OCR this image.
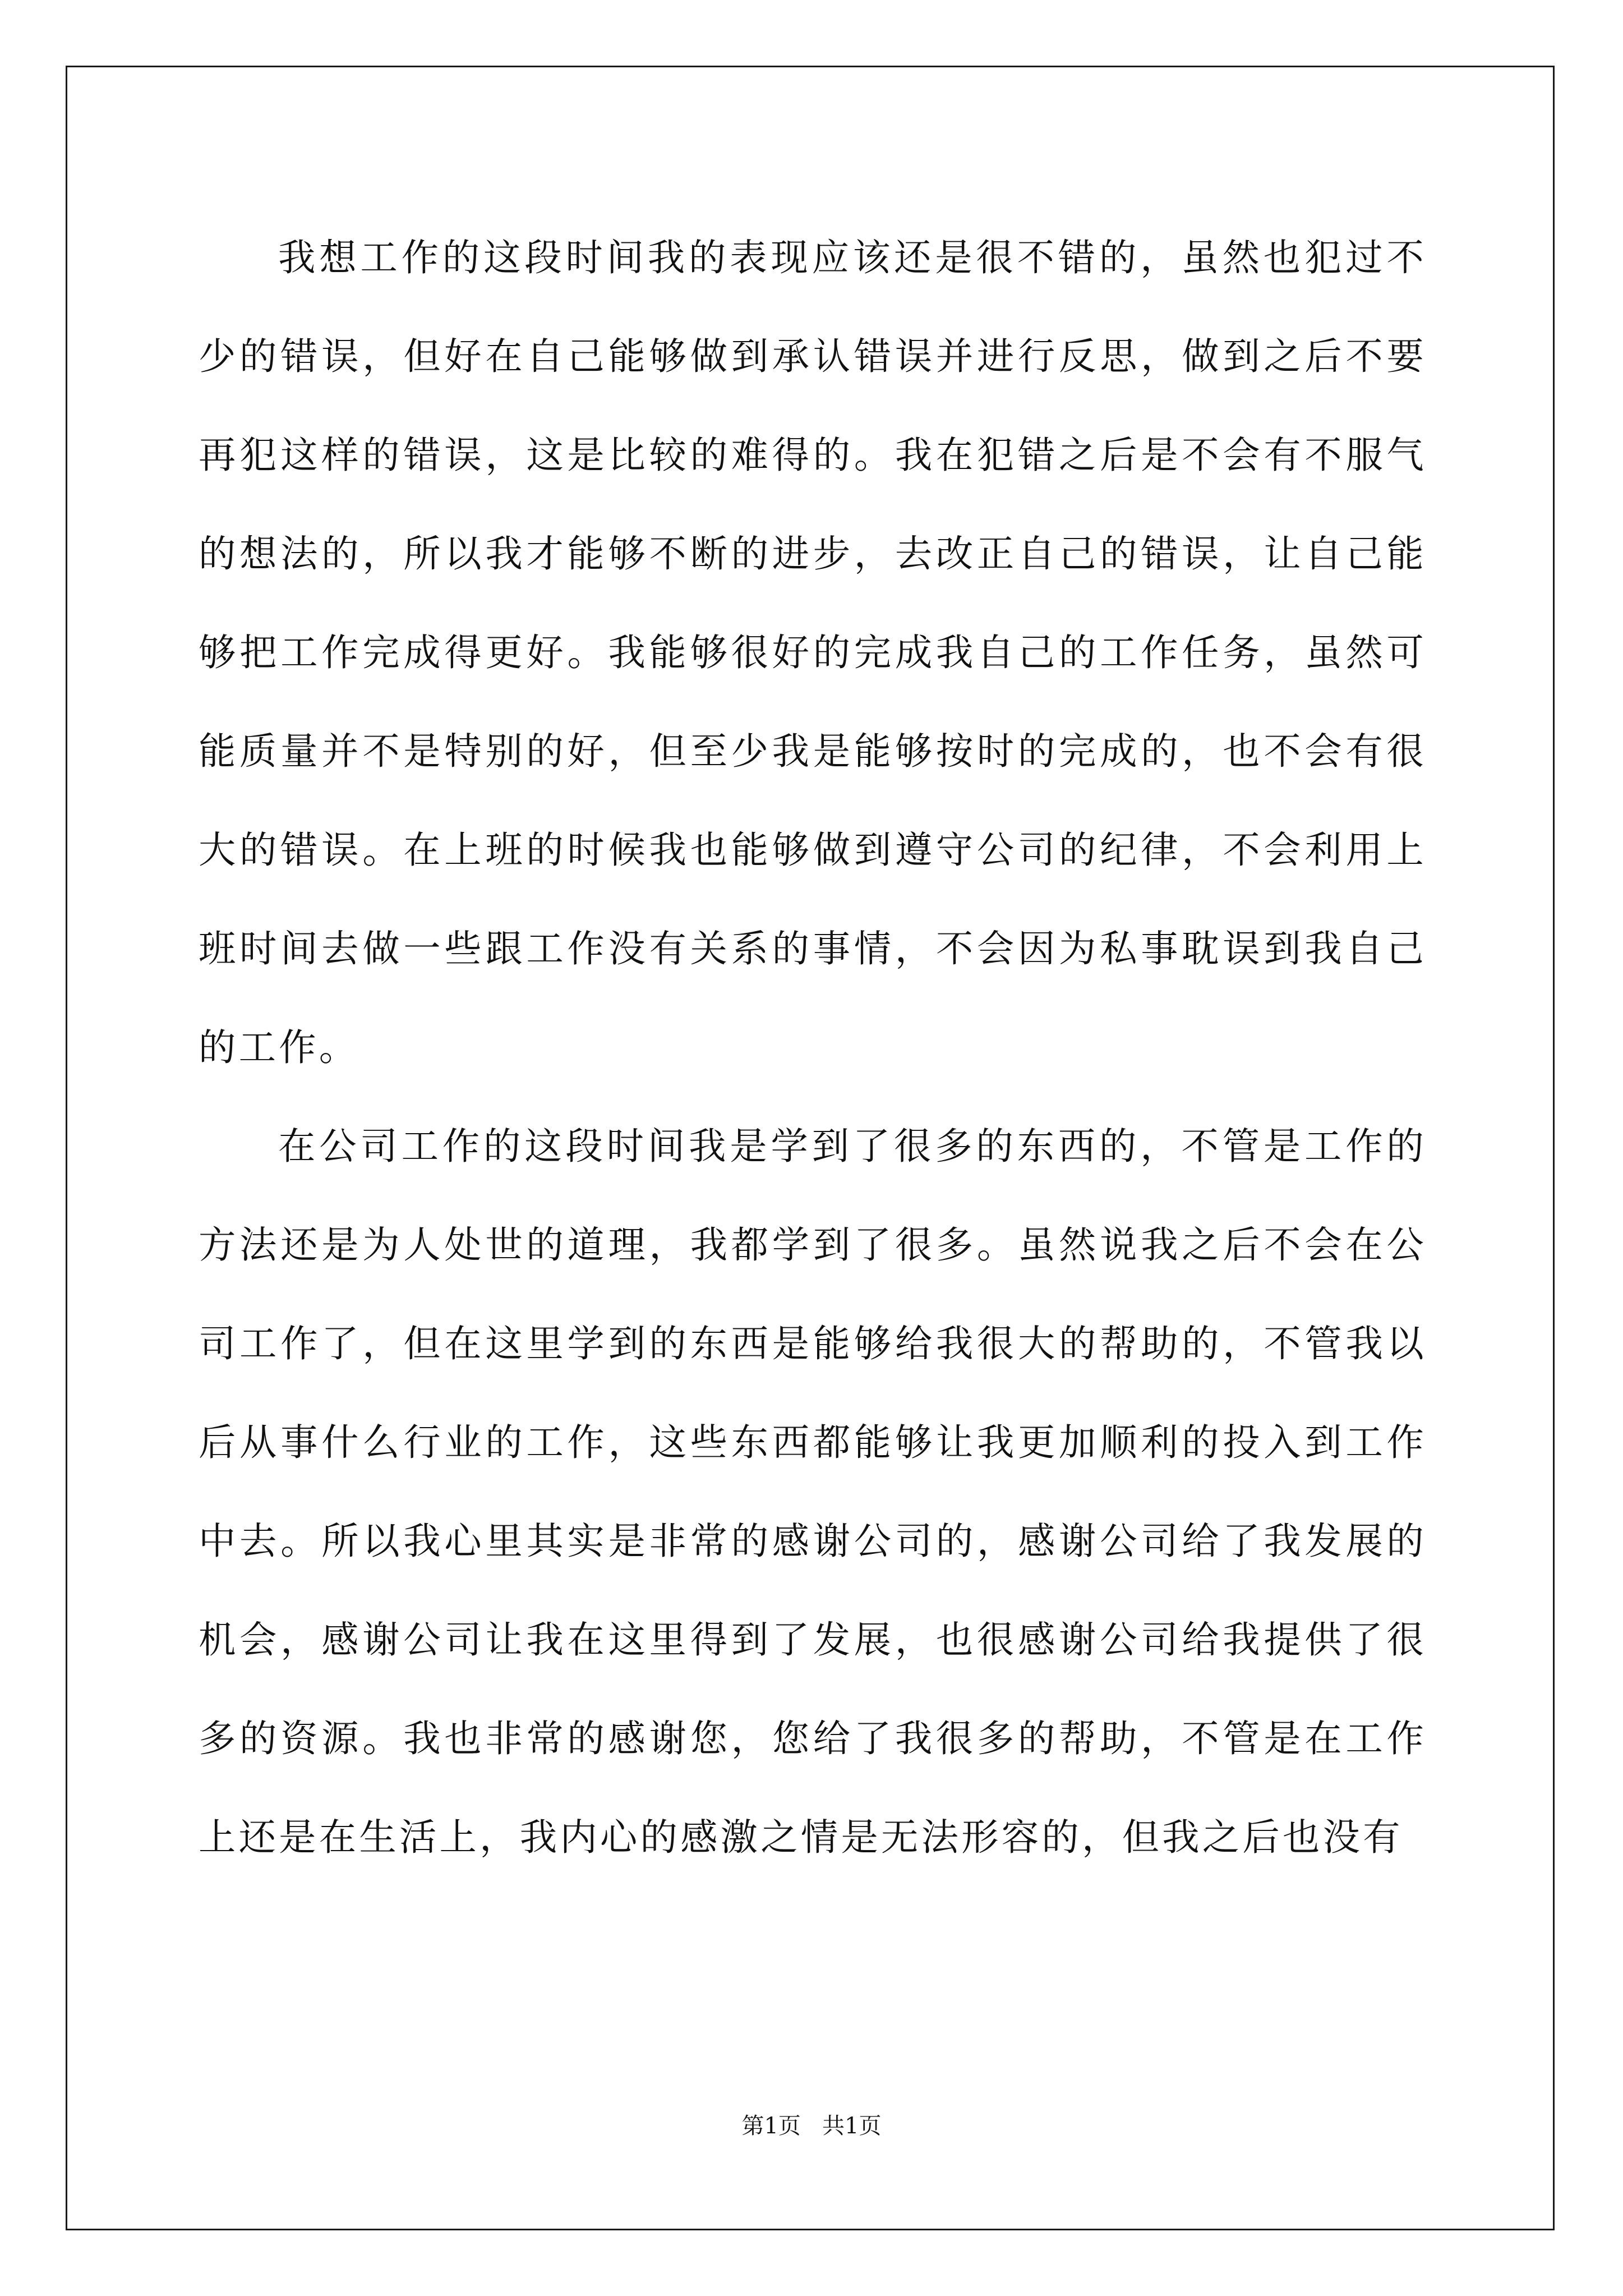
我想工作的这段时间我的表现应该还是很不错的，虽然也犯过不少的错误，但好在自己能够做到承认错误并进行反思，做到之后不要再犯这样的错误，这是比较的难得的。我在犯错之后是不会有不服气的想法的，所以我才能够不断的进步，去改正自己的错误，让自己能够把工作完成得更好。我能够很好的完成我自己的工作任务，虽然可能质量并不是特别的好，但至少我是能够按时的完成的，也不会有很大的错误。在上班的时候我也能够做到遵守公司的纪律，不会利用上班时间去做一些跟工作没有关系的事情，不会因为私事耽误到我自己的工作。

在公司工作的这段时间我是学到了很多的东西的，不管是工作的方法还是为人处世的道理，我都学到了很多。虽然说我之后不会在公司工作了，但在这里学到的东西是能够给我很大的帮助的，不管我以后从事什么行业的工作，这些东西都能够让我更加顺利的投入到工作中去。所以我心里其实是非常的感谢公司的，感谢公司给了我发展的机会，感谢公司让我在这里得到了发展，也很感谢公司给我提供了很多的资源。我也非常的感谢您，您给了我很多的帮助，不管是在工作上还是在生活上，我内心的感激之情是无法形容的，但我之后也没有

第1页   共1页
